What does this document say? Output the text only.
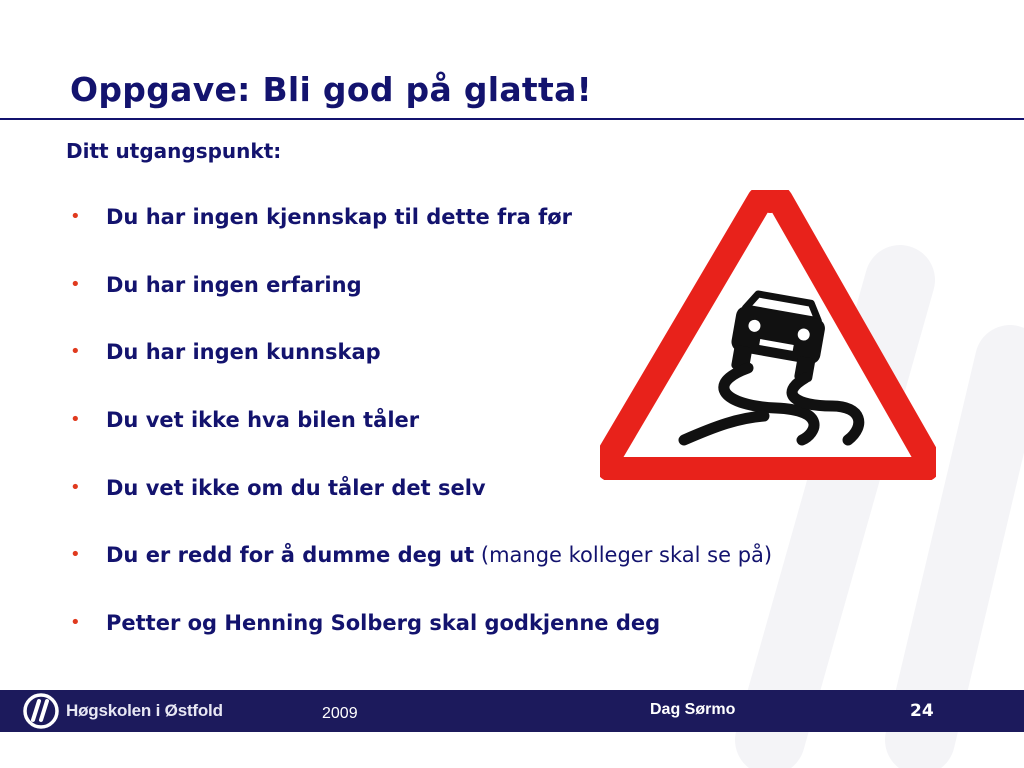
Oppgave: Bli god på glatta!
Ditt utgangspunkt:
• Du har ingen kjennskap til dette fra før
• Du har ingen erfaring
• Du har ingen kunnskap
• Du vet ikke hva bilen tåler
• Du vet ikke om du tåler det selv
• Du er redd for å dumme deg ut (mange kolleger skal se på)
• Petter og Henning Solberg skal godkjenne deg
Høgskolen i Østfold	2009	Dag Sørmo	24
